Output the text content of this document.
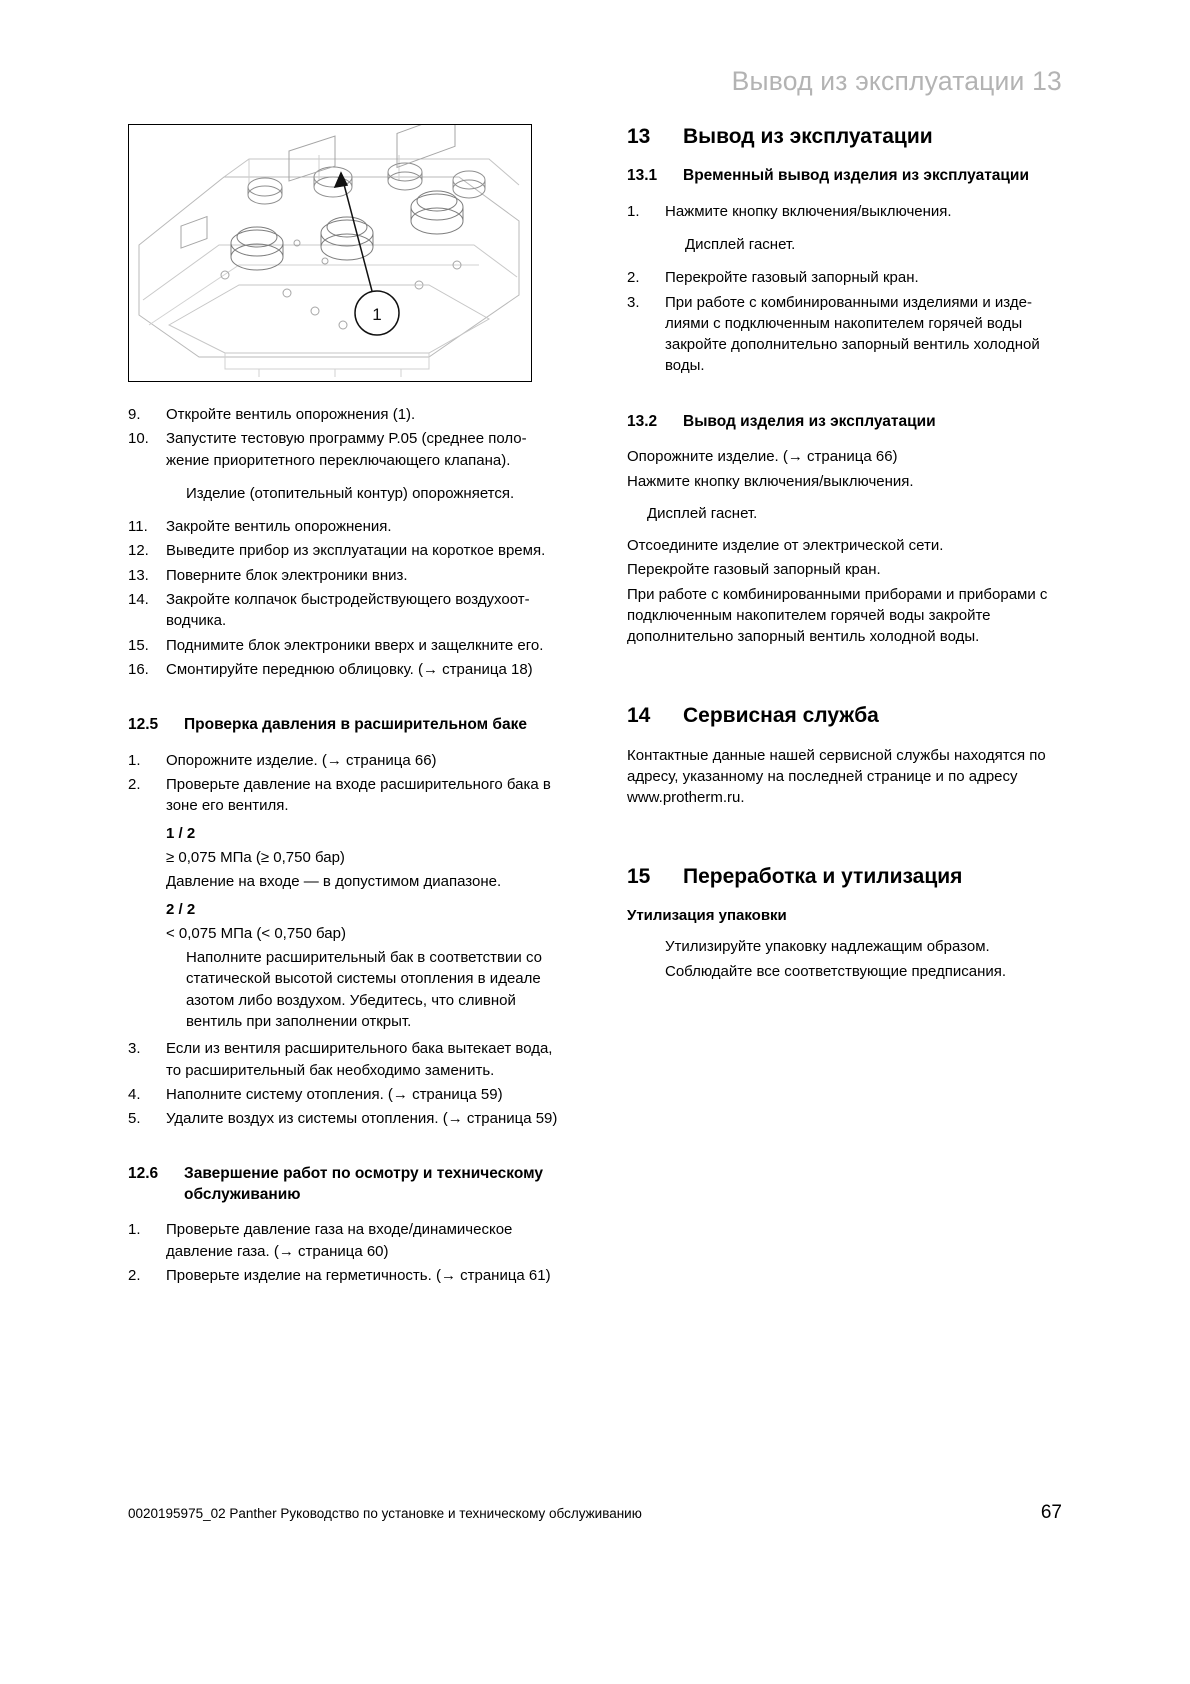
Вывод из эксплуатации 13
1
9.	Откройте вентиль опорожнения (1).
10.	Запустите тестовую программу P.05 (среднее положение приоритетного переключающего клапана).
Изделие (отопительный контур) опорожняется.
11.	Закройте вентиль опорожнения.
12.	Выведите прибор из эксплуатации на короткое время.
13.	Поверните блок электроники вниз.
14.	Закройте колпачок быстродействующего воздухоотводчика.
15.	Поднимите блок электроники вверх и защелкните его.
16.	Смонтируйте переднюю облицовку. (→ страница 18)
12.5	Проверка давления в расширительном баке
1.	Опорожните изделие. (→ страница 66)
2.	Проверьте давление на входе расширительного бака в зоне его вентиля.
1 / 2
≥ 0,075 МПа (≥ 0,750 бар)
Давление на входе — в допустимом диапазоне.
2 / 2
< 0,075 МПа (< 0,750 бар)
Наполните расширительный бак в соответствии со статической высотой системы отопления в идеале азотом либо воздухом. Убедитесь, что сливной вентиль при заполнении открыт.
3.	Если из вентиля расширительного бака вытекает вода, то расширительный бак необходимо заменить.
4.	Наполните систему отопления. (→ страница 59)
5.	Удалите воздух из системы отопления. (→ страница 59)
12.6	Завершение работ по осмотру и техническому обслуживанию
1.	Проверьте давление газа на входе/динамическое давление газа. (→ страница 60)
2.	Проверьте изделие на герметичность. (→ страница 61)
13	Вывод из эксплуатации
13.1	Временный вывод изделия из эксплуатации
1.	Нажмите кнопку включения/выключения.
Дисплей гаснет.
2.	Перекройте газовый запорный кран.
3.	При работе с комбинированными изделиями и изделиями с подключенным накопителем горячей воды закройте дополнительно запорный вентиль холодной воды.
13.2	Вывод изделия из эксплуатации
Опорожните изделие. (→ страница 66)
Нажмите кнопку включения/выключения.
Дисплей гаснет.
Отсоедините изделие от электрической сети.
Перекройте газовый запорный кран.
При работе с комбинированными приборами и приборами с подключенным накопителем горячей воды закройте дополнительно запорный вентиль холодной воды.
14	Сервисная служба
Контактные данные нашей сервисной службы находятся по адресу, указанному на последней странице и по адресу www.protherm.ru.
15	Переработка и утилизация
Утилизация упаковки
Утилизируйте упаковку надлежащим образом.
Соблюдайте все соответствующие предписания.
0020195975_02 Panther Руководство по установке и техническому обслуживанию	67
